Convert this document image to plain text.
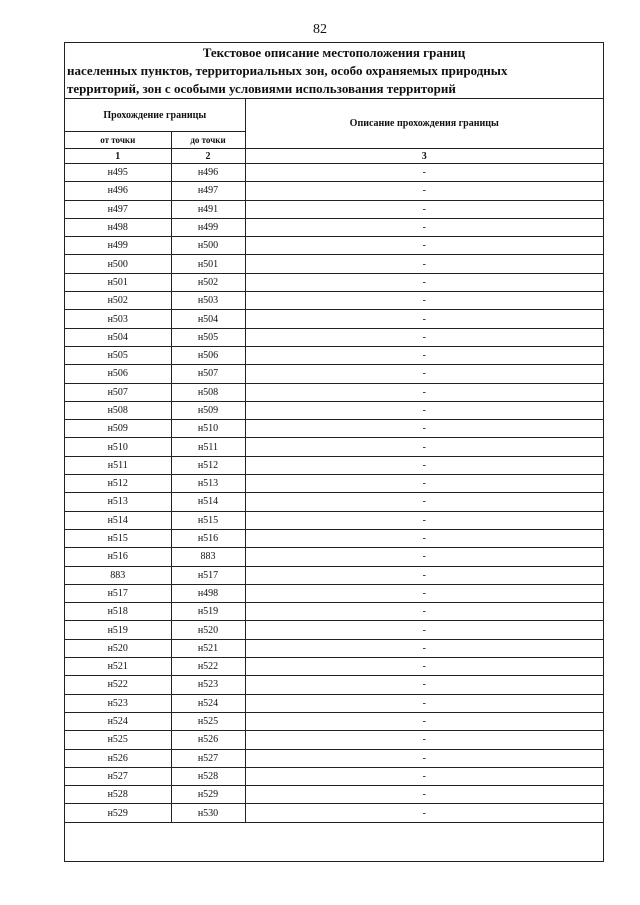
82
Текстовое описание местоположения границ
населенных пунктов, территориальных зон, особо охраняемых природных
территорий, зон с особыми условиями использования территорий
Прохождение границы		Описание прохождения границы
от точки	до точки	
1	2	3
н495	н496	-
н496	н497	-
н497	н491	-
н498	н499	-
н499	н500	-
н500	н501	-
н501	н502	-
н502	н503	-
н503	н504	-
н504	н505	-
н505	н506	-
н506	н507	-
н507	н508	-
н508	н509	-
н509	н510	-
н510	н511	-
н511	н512	-
н512	н513	-
н513	н514	-
н514	н515	-
н515	н516	-
н516	883	-
883	н517	-
н517	н498	-
н518	н519	-
н519	н520	-
н520	н521	-
н521	н522	-
н522	н523	-
н523	н524	-
н524	н525	-
н525	н526	-
н526	н527	-
н527	н528	-
н528	н529	-
н529	н530	-
